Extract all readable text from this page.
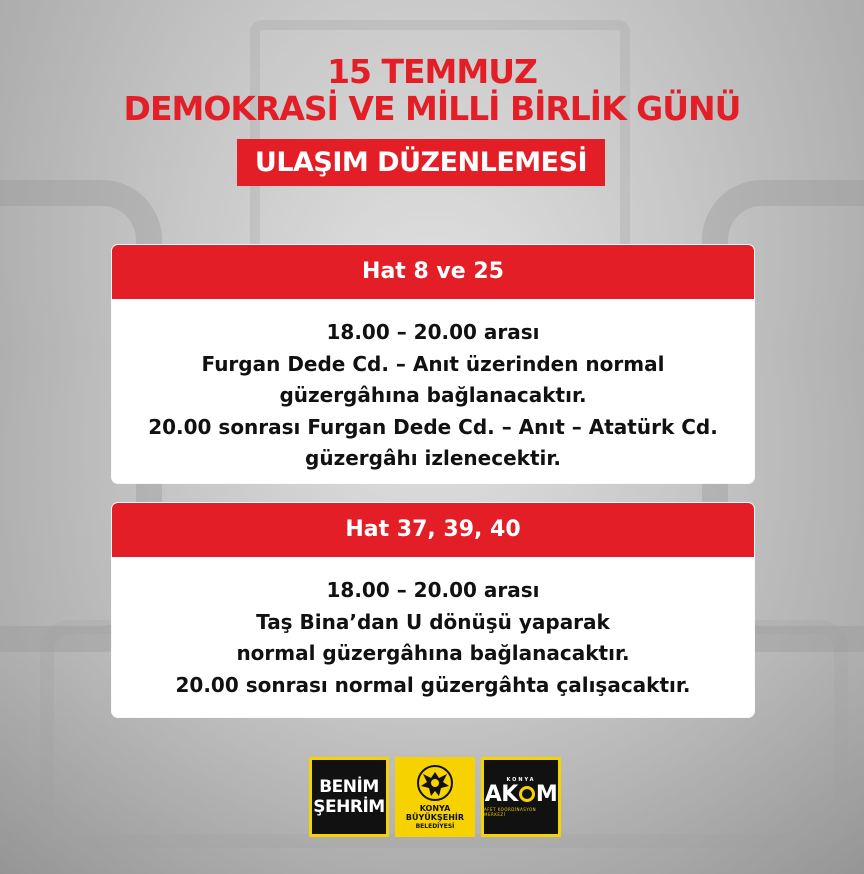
15 TEMMUZ
DEMOKRASİ VE MİLLİ BİRLİK GÜNÜ
ULAŞIM DÜZENLEMESİ
Hat 8 ve 25
18.00 – 20.00 arası
Furgan Dede Cd. – Anıt üzerinden normal
güzergâhına bağlanacaktır.
20.00 sonrası Furgan Dede Cd. – Anıt – Atatürk Cd.
güzergâhı izlenecektir.
Hat 37, 39, 40
18.00 – 20.00 arası
Taş Bina’dan U dönüşü yaparak
normal güzergâhına bağlanacaktır.
20.00 sonrası normal güzergâhta çalışacaktır.
BENİM
ŞEHRİM	KONYA
BÜYÜKŞEHİR
BELEDİYESİ
KONYA
AK M
AFET KOORDİNASYON MERKEZİ
